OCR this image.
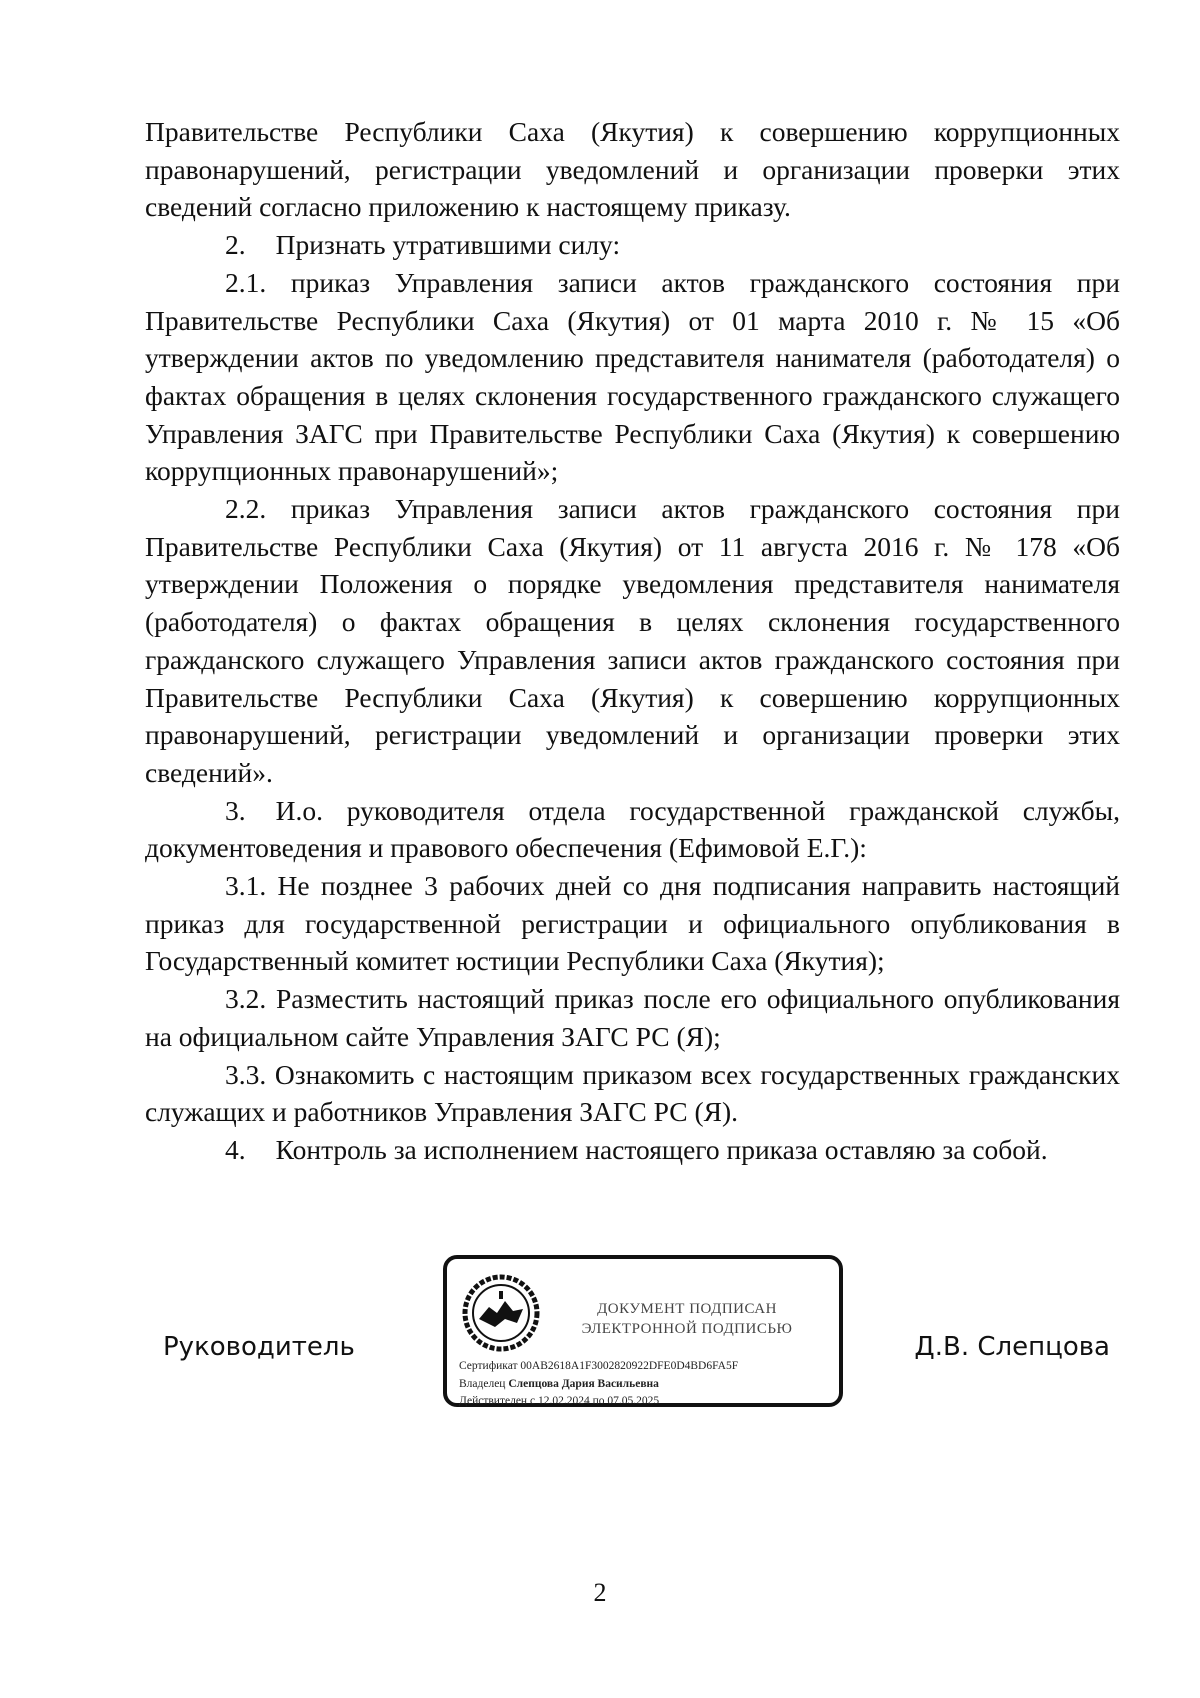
Правительстве Республики Саха (Якутия) к совершению коррупционных правонарушений, регистрации уведомлений и организации проверки этих сведений согласно приложению к настоящему приказу.

2. Признать утратившими силу:

2.1. приказ Управления записи актов гражданского состояния при Правительстве Республики Саха (Якутия) от 01 марта 2010 г. № 15 «Об утверждении актов по уведомлению представителя нанимателя (работодателя) о фактах обращения в целях склонения государственного гражданского служащего Управления ЗАГС при Правительстве Республики Саха (Якутия) к совершению коррупционных правонарушений»;

2.2. приказ Управления записи актов гражданского состояния при Правительстве Республики Саха (Якутия) от 11 августа 2016 г. № 178 «Об утверждении Положения о порядке уведомления представителя нанимателя (работодателя) о фактах обращения в целях склонения государственного гражданского служащего Управления записи актов гражданского состояния при Правительстве Республики Саха (Якутия) к совершению коррупционных правонарушений, регистрации уведомлений и организации проверки этих сведений».

3. И.о. руководителя отдела государственной гражданской службы, документоведения и правового обеспечения (Ефимовой Е.Г.):

3.1. Не позднее 3 рабочих дней со дня подписания направить настоящий приказ для государственной регистрации и официального опубликования в Государственный комитет юстиции Республики Саха (Якутия);

3.2. Разместить настоящий приказ после его официального опубликования на официальном сайте Управления ЗАГС РС (Я);

3.3. Ознакомить с настоящим приказом всех государственных гражданских служащих и работников Управления ЗАГС РС (Я).

4. Контроль за исполнением настоящего приказа оставляю за собой.

Руководитель
ДОКУМЕНТ ПОДПИСАН
ЭЛЕКТРОННОЙ ПОДПИСЬЮ
Сертификат 00AB2618A1F3002820922DFE0D4BD6FA5F
Владелец Слепцова Дария Васильевна
Действителен с 12.02.2024 по 07.05.2025
Д.В. Слепцова
2
